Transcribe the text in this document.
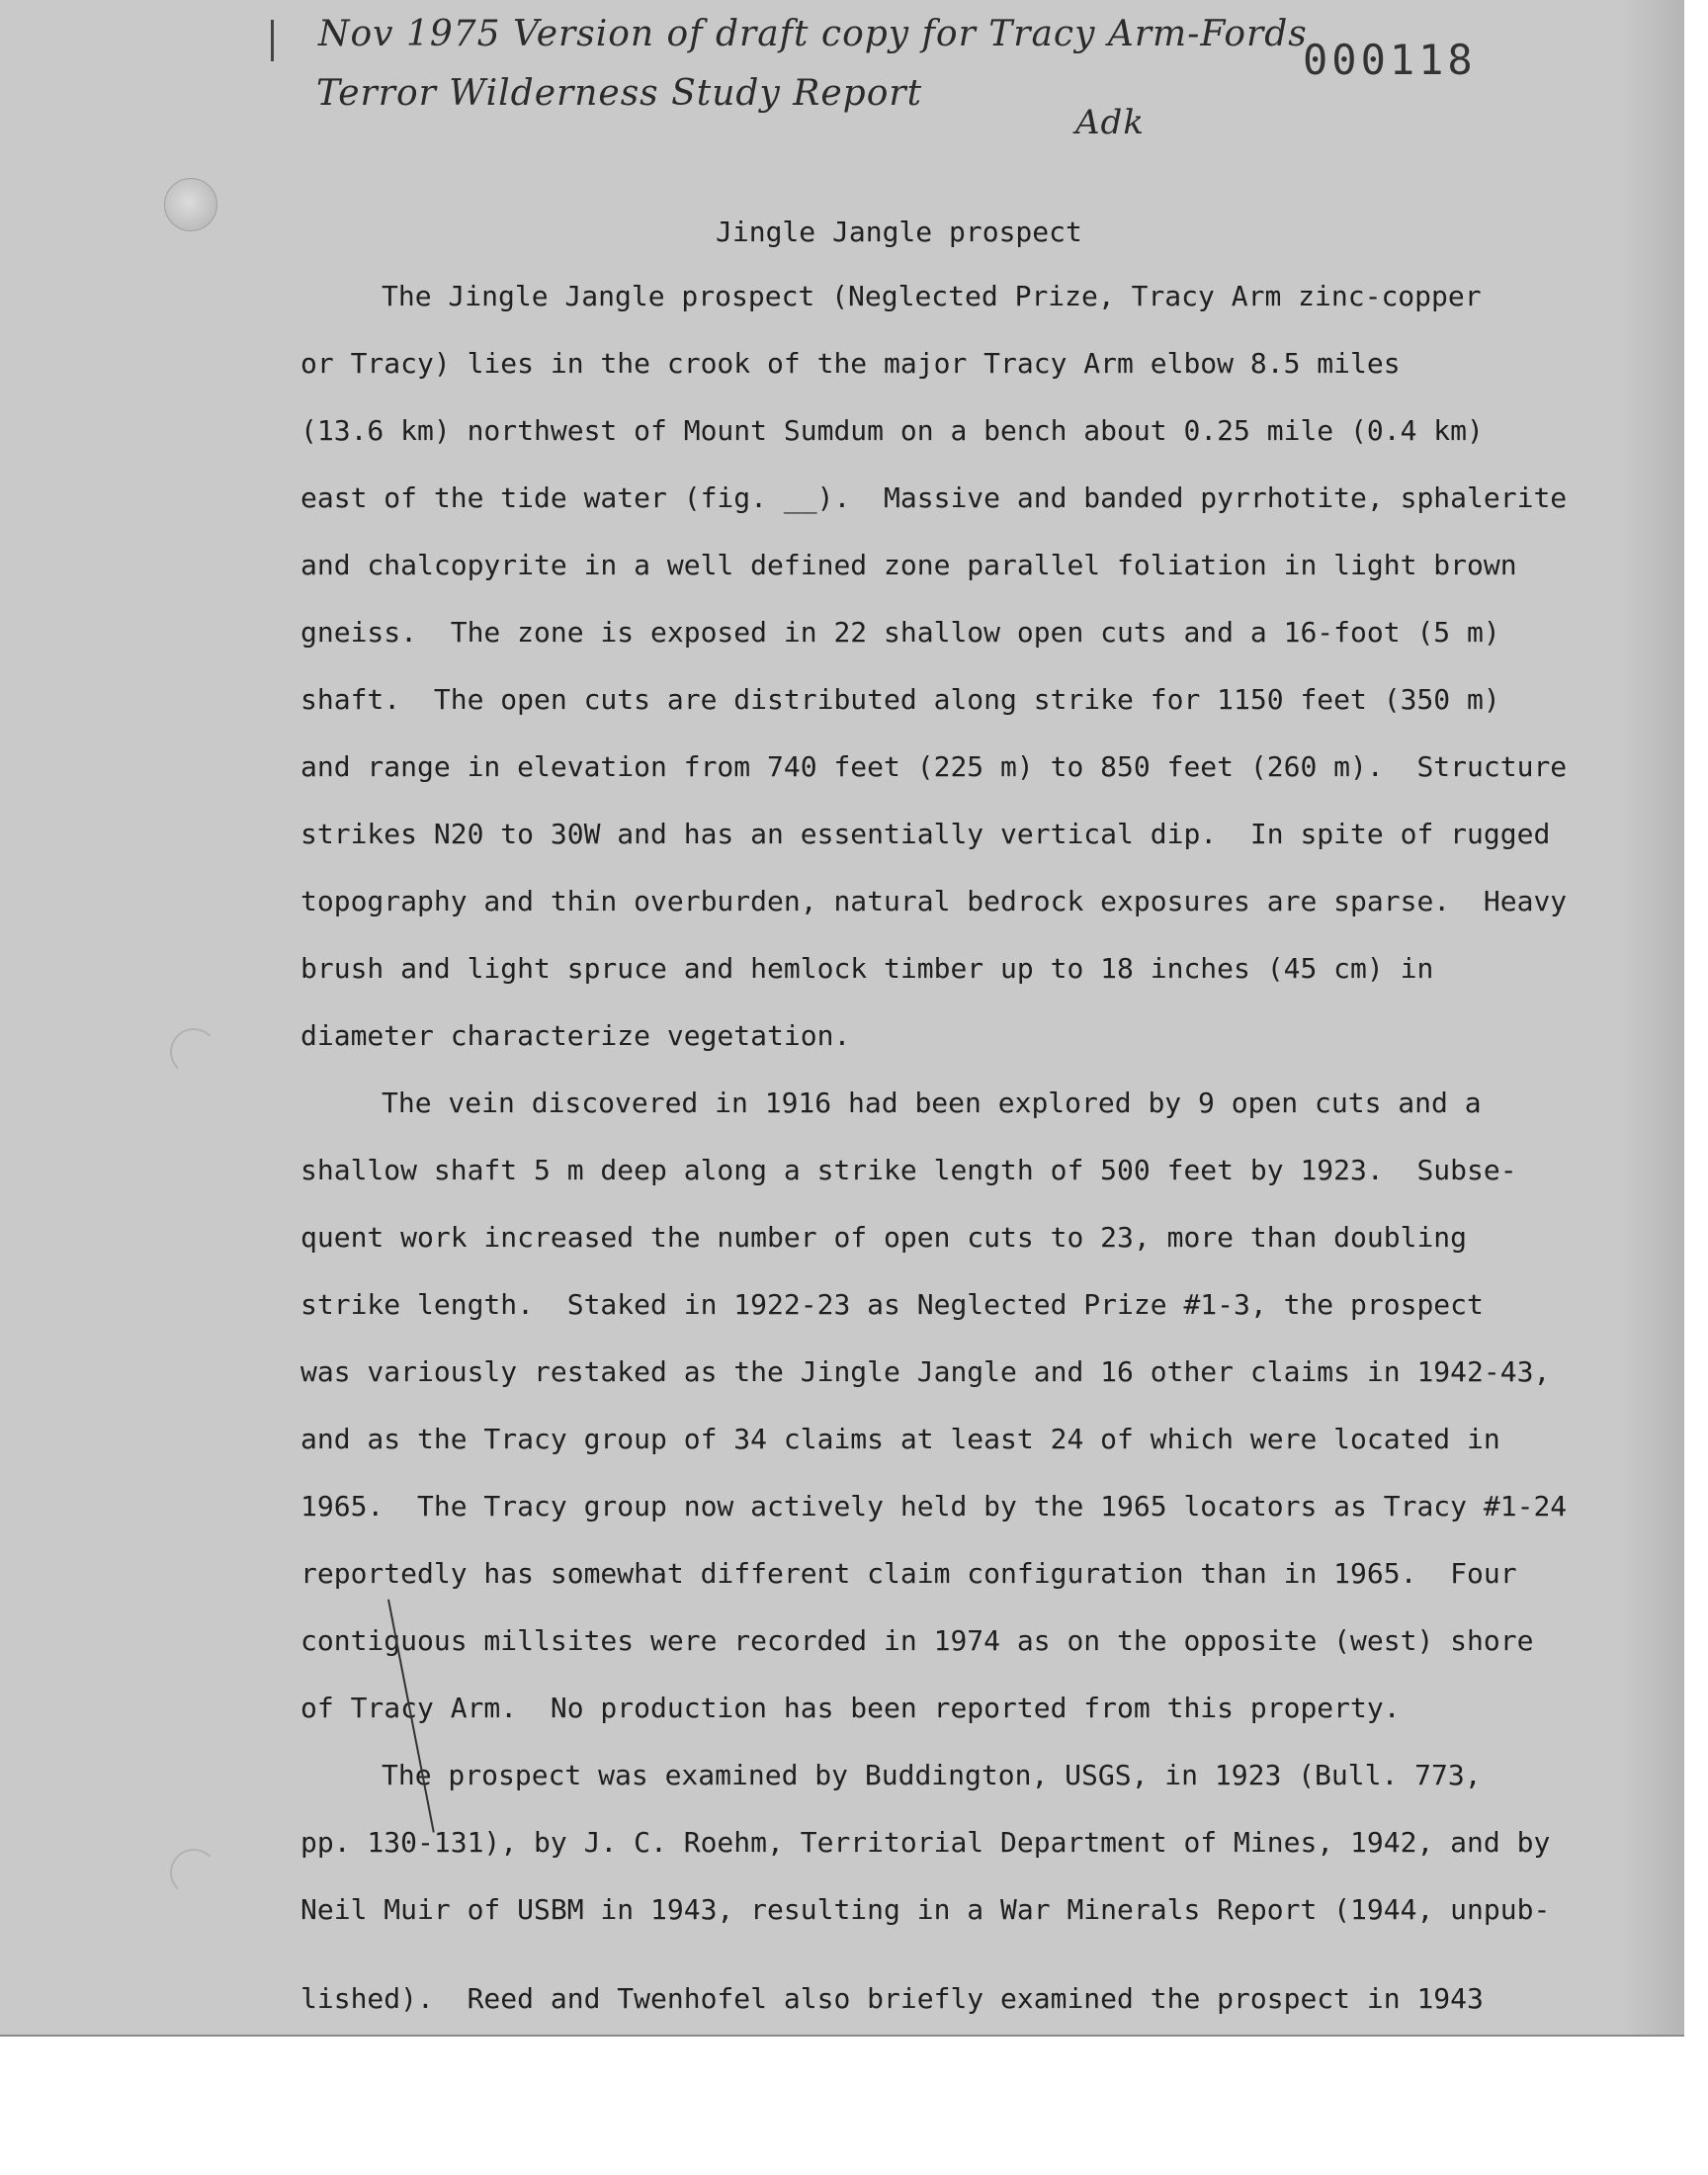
Nov 1975 Version of draft copy for Tracy Arm-Fords
Terror Wilderness Study Report
Adk
000118
Jingle Jangle prospect
The Jingle Jangle prospect (Neglected Prize, Tracy Arm zinc-copper
or Tracy) lies in the crook of the major Tracy Arm elbow 8.5 miles
(13.6 km) northwest of Mount Sumdum on a bench about 0.25 mile (0.4 km)
east of the tide water (fig. __).  Massive and banded pyrrhotite, sphalerite
and chalcopyrite in a well defined zone parallel foliation in light brown
gneiss.  The zone is exposed in 22 shallow open cuts and a 16-foot (5 m)
shaft.  The open cuts are distributed along strike for 1150 feet (350 m)
and range in elevation from 740 feet (225 m) to 850 feet (260 m).  Structure
strikes N20 to 30W and has an essentially vertical dip.  In spite of rugged
topography and thin overburden, natural bedrock exposures are sparse.  Heavy
brush and light spruce and hemlock timber up to 18 inches (45 cm) in
diameter characterize vegetation.
The vein discovered in 1916 had been explored by 9 open cuts and a
shallow shaft 5 m deep along a strike length of 500 feet by 1923.  Subse-
quent work increased the number of open cuts to 23, more than doubling
strike length.  Staked in 1922-23 as Neglected Prize #1-3, the prospect
was variously restaked as the Jingle Jangle and 16 other claims in 1942-43,
and as the Tracy group of 34 claims at least 24 of which were located in
1965.  The Tracy group now actively held by the 1965 locators as Tracy #1-24
reportedly has somewhat different claim configuration than in 1965.  Four
contiguous millsites were recorded in 1974 as on the opposite (west) shore
of Tracy Arm.  No production has been reported from this property.
The prospect was examined by Buddington, USGS, in 1923 (Bull. 773,
pp. 130-131), by J. C. Roehm, Territorial Department of Mines, 1942, and by
Neil Muir of USBM in 1943, resulting in a War Minerals Report (1944, unpub-
lished).  Reed and Twenhofel also briefly examined the prospect in 1943
